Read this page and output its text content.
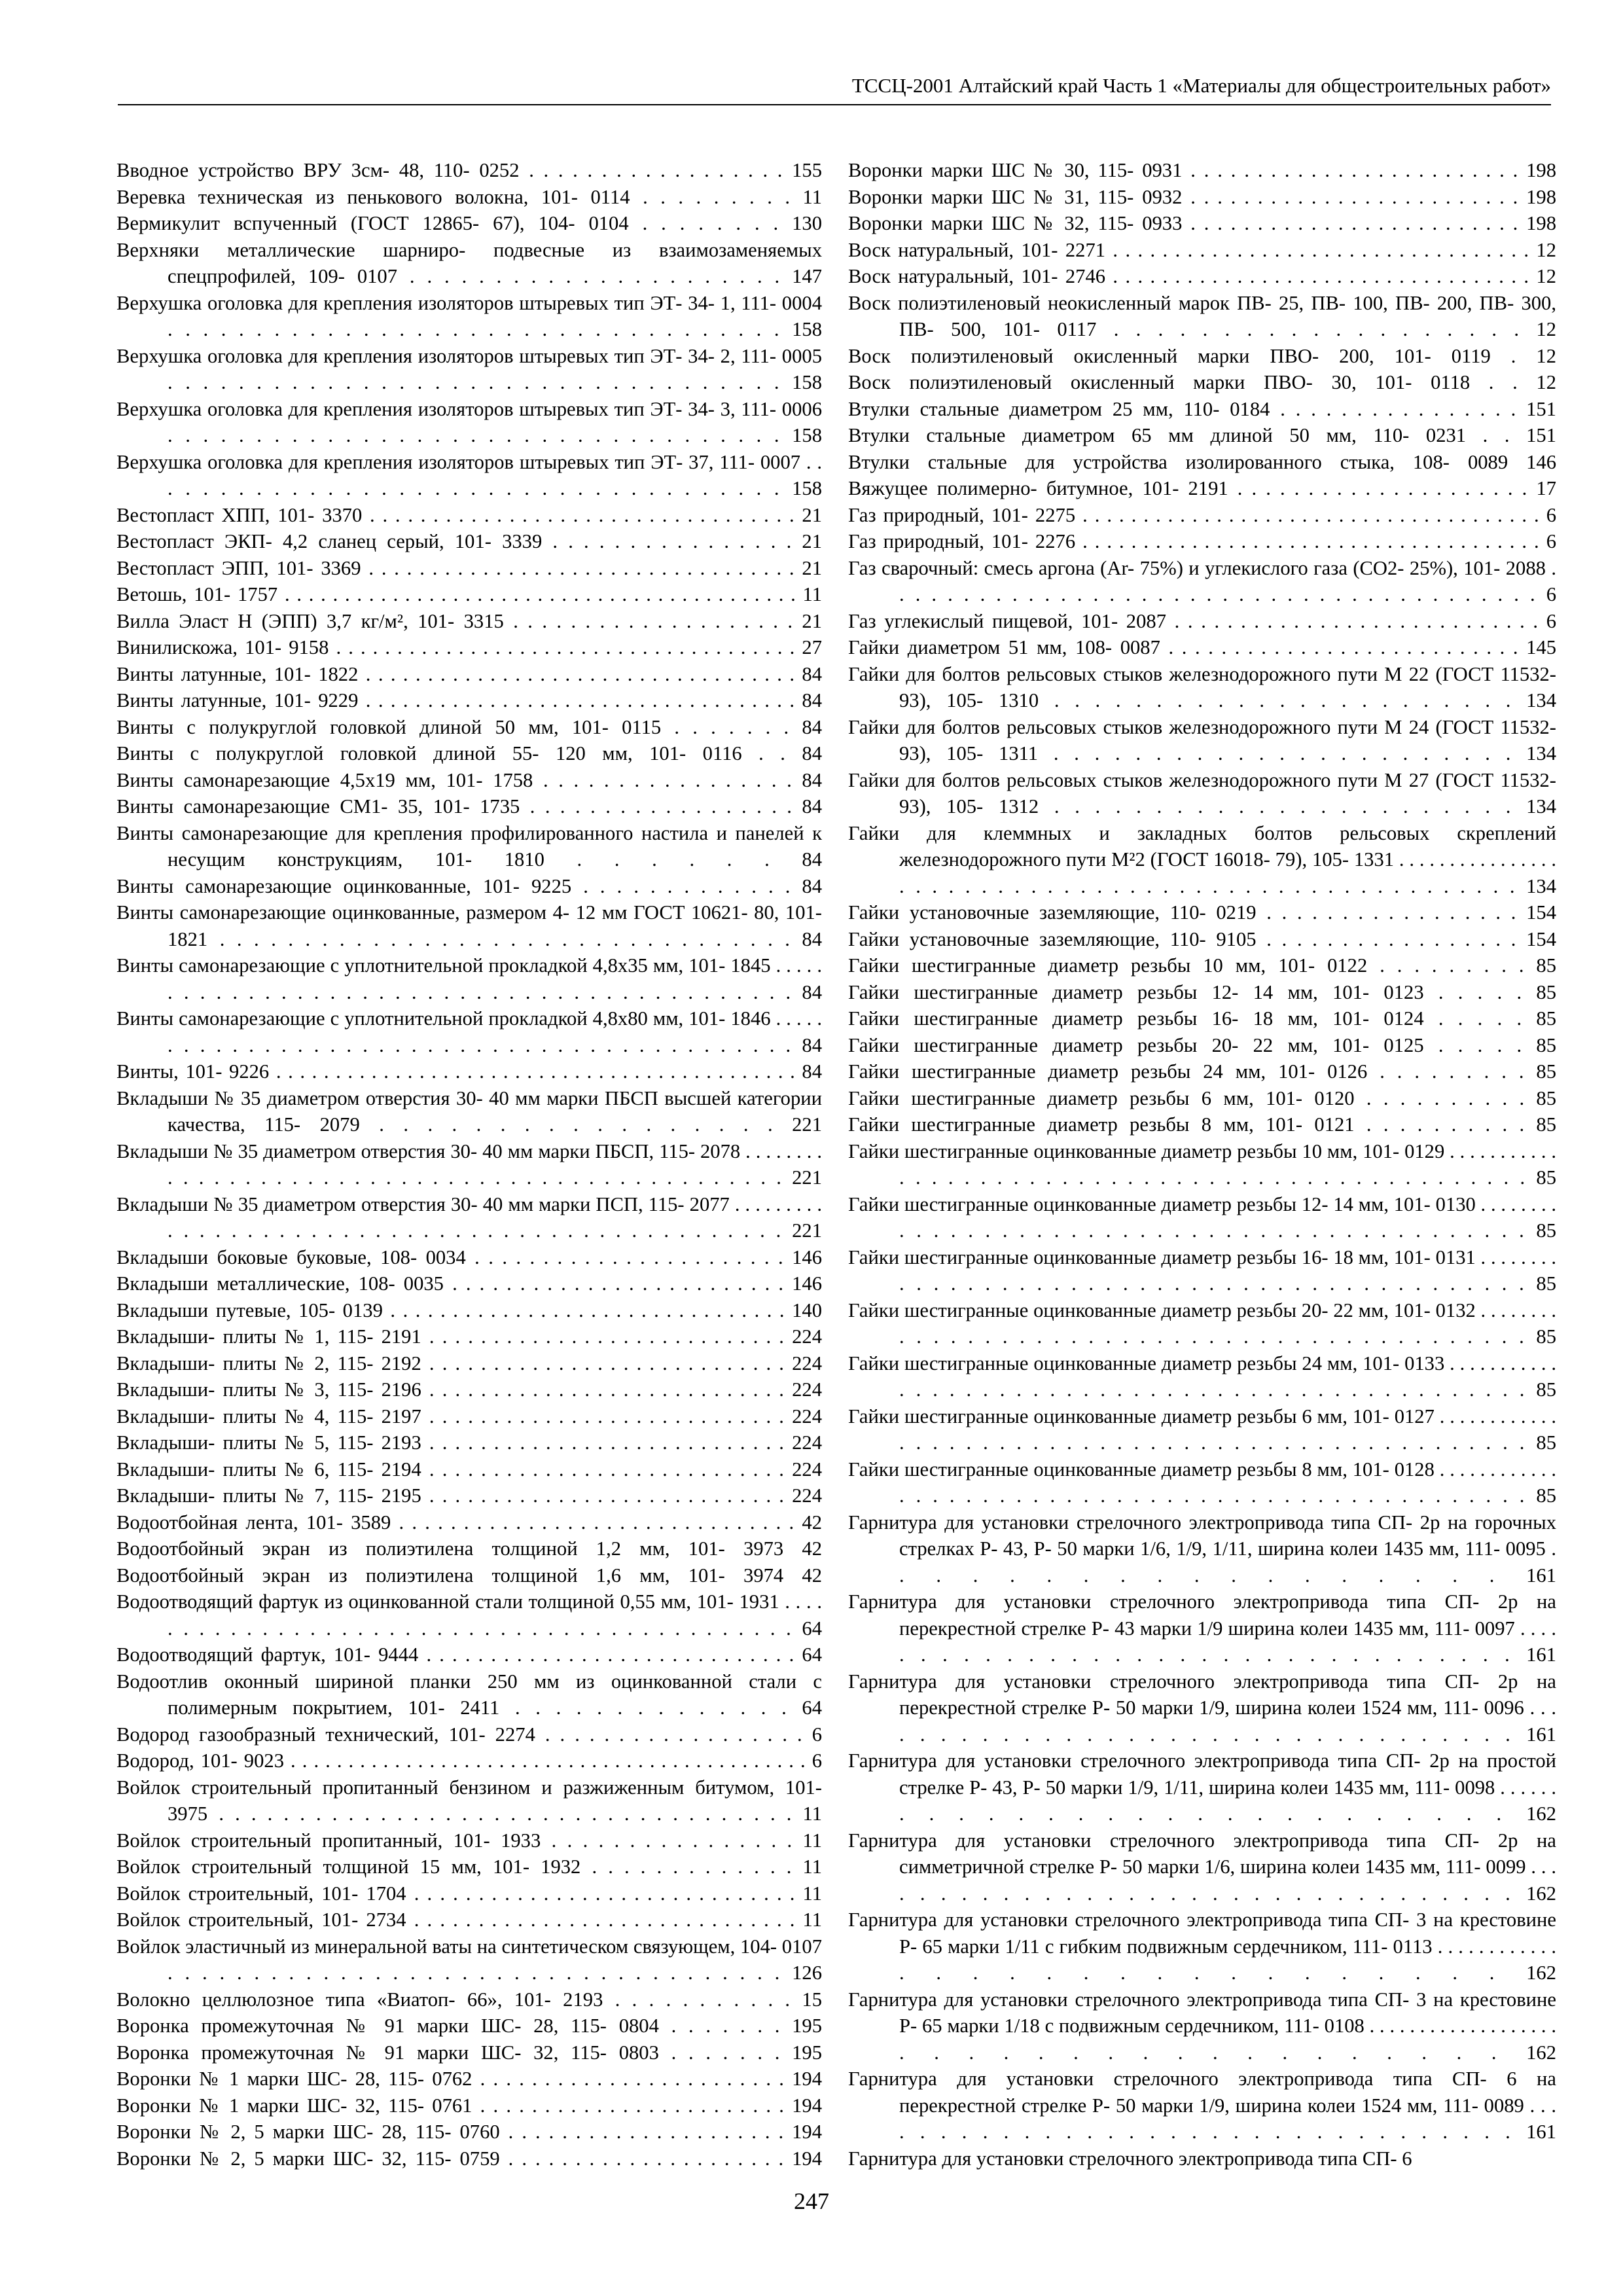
ТССЦ-2001 Алтайский край Часть 1 «Материалы для общестроительных работ»
Вводное устройство ВРУ 3см- 48, 110- 0252 . . . . . . . . . . . . . . . . . . 155
Веревка техническая из пенькового волокна, 101- 0114 . . . . . . . . . 11
Вермикулит вспученный (ГОСТ 12865- 67), 104- 0104 . . . . . . . . 130
Верхняки металлические шарниро- подвесные из взаимозаменяемых спецпрофилей, 109- 0107 . . . . . . . . . . . . . . . . . . . . . . 147
Верхушка оголовка для крепления изоляторов штыревых тип ЭТ- 34- 1, 111- 0004 . . . . . . . . . . . . . . . . . . . . . . . . . . . . . . . . . . . 158
Верхушка оголовка для крепления изоляторов штыревых тип ЭТ- 34- 2, 111- 0005 . . . . . . . . . . . . . . . . . . . . . . . . . . . . . . . . . . . 158
Верхушка оголовка для крепления изоляторов штыревых тип ЭТ- 34- 3, 111- 0006 . . . . . . . . . . . . . . . . . . . . . . . . . . . . . . . . . . . 158
Верхушка оголовка для крепления изоляторов штыревых тип ЭТ- 37, 111- 0007 . . . . . . . . . . . . . . . . . . . . . . . . . . . . . . . . . . . . . 158
Вестопласт ХПП, 101- 3370 . . . . . . . . . . . . . . . . . . . . . . . . . . . . . . . . . . 21
Вестопласт ЭКП- 4,2 сланец серый, 101- 3339 . . . . . . . . . . . . . . . . 21
Вестопласт ЭПП, 101- 3369 . . . . . . . . . . . . . . . . . . . . . . . . . . . . . . . . . . 21
Ветошь, 101- 1757 . . . . . . . . . . . . . . . . . . . . . . . . . . . . . . . . . . . . . . . . . . . 11
Вилла Эласт Н (ЭПП) 3,7 кг/м², 101- 3315 . . . . . . . . . . . . . . . . . . . . 21
Винилискожа, 101- 9158 . . . . . . . . . . . . . . . . . . . . . . . . . . . . . . . . . . . . . . 27
Винты латунные, 101- 1822 . . . . . . . . . . . . . . . . . . . . . . . . . . . . . . . . . . . 84
Винты латунные, 101- 9229 . . . . . . . . . . . . . . . . . . . . . . . . . . . . . . . . . . . 84
Винты с полукруглой головкой длиной 50 мм, 101- 0115 . . . . . . . 84
Винты с полукруглой головкой длиной 55- 120 мм, 101- 0116 . . 84
Винты самонарезающие 4,5х19 мм, 101- 1758 . . . . . . . . . . . . . . . . . 84
Винты самонарезающие СМ1- 35, 101- 1735 . . . . . . . . . . . . . . . . . . 84
Винты самонарезающие для крепления профилированного настила и панелей к несущим конструкциям, 101- 1810 . . . . . . 84
Винты самонарезающие оцинкованные, 101- 9225 . . . . . . . . . . . . . 84
Винты самонарезающие оцинкованные, размером 4- 12 мм ГОСТ 10621- 80, 101- 1821 . . . . . . . . . . . . . . . . . . . . . . . . . . . . . . . . . . 84
Винты самонарезающие с уплотнительной прокладкой 4,8х35 мм, 101- 1845 . . . . . . . . . . . . . . . . . . . . . . . . . . . . . . . . . . . . . . . . . . . . 84
Винты самонарезающие с уплотнительной прокладкой 4,8х80 мм, 101- 1846 . . . . . . . . . . . . . . . . . . . . . . . . . . . . . . . . . . . . . . . . . . . . 84
Винты, 101- 9226 . . . . . . . . . . . . . . . . . . . . . . . . . . . . . . . . . . . . . . . . . . . . 84
Вкладыши № 35 диаметром отверстия 30- 40 мм марки ПБСП высшей категории качества, 115- 2079 . . . . . . . . . . . . . . . . . 221
Вкладыши № 35 диаметром отверстия 30- 40 мм марки ПБСП, 115- 2078 . . . . . . . . . . . . . . . . . . . . . . . . . . . . . . . . . . . . . . . . . . . . . . . . 221
Вкладыши № 35 диаметром отверстия 30- 40 мм марки ПСП, 115- 2077 . . . . . . . . . . . . . . . . . . . . . . . . . . . . . . . . . . . . . . . . . . . . . . . . 221
Вкладыши боковые буковые, 108- 0034 . . . . . . . . . . . . . . . . . . . . . . . 146
Вкладыши металлические, 108- 0035 . . . . . . . . . . . . . . . . . . . . . . . . . 146
Вкладыши путевые, 105- 0139 . . . . . . . . . . . . . . . . . . . . . . . . . . . . . . . . 140
Вкладыши- плиты № 1, 115- 2191 . . . . . . . . . . . . . . . . . . . . . . . . . . . . 224
Вкладыши- плиты № 2, 115- 2192 . . . . . . . . . . . . . . . . . . . . . . . . . . . . 224
Вкладыши- плиты № 3, 115- 2196 . . . . . . . . . . . . . . . . . . . . . . . . . . . . 224
Вкладыши- плиты № 4, 115- 2197 . . . . . . . . . . . . . . . . . . . . . . . . . . . . 224
Вкладыши- плиты № 5, 115- 2193 . . . . . . . . . . . . . . . . . . . . . . . . . . . . 224
Вкладыши- плиты № 6, 115- 2194 . . . . . . . . . . . . . . . . . . . . . . . . . . . . 224
Вкладыши- плиты № 7, 115- 2195 . . . . . . . . . . . . . . . . . . . . . . . . . . . . 224
Водоотбойная лента, 101- 3589 . . . . . . . . . . . . . . . . . . . . . . . . . . . . . . . 42
Водоотбойный экран из полиэтилена толщиной 1,2 мм, 101- 3973 42
Водоотбойный экран из полиэтилена толщиной 1,6 мм, 101- 3974 42
Водоотводящий фартук из оцинкованной стали толщиной 0,55 мм, 101- 1931 . . . . . . . . . . . . . . . . . . . . . . . . . . . . . . . . . . . . . . . . . . . . 64
Водоотводящий фартук, 101- 9444 . . . . . . . . . . . . . . . . . . . . . . . . . . . . . 64
Водоотлив оконный шириной планки 250 мм из оцинкованной стали с полимерным покрытием, 101- 2411 . . . . . . . . . . . . . . 64
Водород газообразный технический, 101- 2274 . . . . . . . . . . . . . . . . . . 6
Водород, 101- 9023 . . . . . . . . . . . . . . . . . . . . . . . . . . . . . . . . . . . . . . . . . . . . . 6
Войлок строительный пропитанный бензином и разжиженным битумом, 101- 3975 . . . . . . . . . . . . . . . . . . . . . . . . . . . . . . . . . . . . 11
Войлок строительный пропитанный, 101- 1933 . . . . . . . . . . . . . . . . 11
Войлок строительный толщиной 15 мм, 101- 1932 . . . . . . . . . . . . . 11
Войлок строительный, 101- 1704 . . . . . . . . . . . . . . . . . . . . . . . . . . . . . . 11
Войлок строительный, 101- 2734 . . . . . . . . . . . . . . . . . . . . . . . . . . . . . . 11
Войлок эластичный из минеральной ваты на синтетическом связующем, 104- 0107 . . . . . . . . . . . . . . . . . . . . . . . . . . . . . . . . . . . . 126
Волокно целлюлозное типа «Виатоп- 66», 101- 2193 . . . . . . . . . . . 15
Воронка промежуточная № 91 марки ШС- 28, 115- 0804 . . . . . . . 195
Воронка промежуточная № 91 марки ШС- 32, 115- 0803 . . . . . . . 195
Воронки № 1 марки ШС- 28, 115- 0762 . . . . . . . . . . . . . . . . . . . . . . . . 194
Воронки № 1 марки ШС- 32, 115- 0761 . . . . . . . . . . . . . . . . . . . . . . . . 194
Воронки № 2, 5 марки ШС- 28, 115- 0760 . . . . . . . . . . . . . . . . . . . . . 194
Воронки № 2, 5 марки ШС- 32, 115- 0759 . . . . . . . . . . . . . . . . . . . . . 194
Воронки марки ШС № 30, 115- 0931 . . . . . . . . . . . . . . . . . . . . . . . . . 198
Воронки марки ШС № 31, 115- 0932 . . . . . . . . . . . . . . . . . . . . . . . . . 198
Воронки марки ШС № 32, 115- 0933 . . . . . . . . . . . . . . . . . . . . . . . . . 198
Воск натуральный, 101- 2271 . . . . . . . . . . . . . . . . . . . . . . . . . . . . . . . . . . 12
Воск натуральный, 101- 2746 . . . . . . . . . . . . . . . . . . . . . . . . . . . . . . . . . . 12
Воск полиэтиленовый неокисленный марок ПВ- 25, ПВ- 100, ПВ- 200, ПВ- 300, ПВ- 500, 101- 0117 . . . . . . . . . . . . . . . . . . . 12
Воск полиэтиленовый окисленный марки ПВО- 200, 101- 0119 . 12
Воск полиэтиленовый окисленный марки ПВО- 30, 101- 0118 . . 12
Втулки стальные диаметром 25 мм, 110- 0184 . . . . . . . . . . . . . . . . 151
Втулки стальные диаметром 65 мм длиной 50 мм, 110- 0231 . . 151
Втулки стальные для устройства изолированного стыка, 108- 0089 146
Вяжущее полимерно- битумное, 101- 2191 . . . . . . . . . . . . . . . . . . . . . 17
Газ природный, 101- 2275 . . . . . . . . . . . . . . . . . . . . . . . . . . . . . . . . . . . . . . 6
Газ природный, 101- 2276 . . . . . . . . . . . . . . . . . . . . . . . . . . . . . . . . . . . . . . 6
Газ сварочный: смесь аргона (Ar- 75%) и углекислого газа (CO2- 25%), 101- 2088 . . . . . . . . . . . . . . . . . . . . . . . . . . . . . . . . . . . . . . . . . 6
Газ углекислый пищевой, 101- 2087 . . . . . . . . . . . . . . . . . . . . . . . . . . . . 6
Гайки диаметром 51 мм, 108- 0087 . . . . . . . . . . . . . . . . . . . . . . . . . . . 145
Гайки для болтов рельсовых стыков железнодорожного пути М 22 (ГОСТ 11532- 93), 105- 1310 . . . . . . . . . . . . . . . . . . . . . . . 134
Гайки для болтов рельсовых стыков железнодорожного пути М 24 (ГОСТ 11532- 93), 105- 1311 . . . . . . . . . . . . . . . . . . . . . . . 134
Гайки для болтов рельсовых стыков железнодорожного пути М 27 (ГОСТ 11532- 93), 105- 1312 . . . . . . . . . . . . . . . . . . . . . . . 134
Гайки для клеммных и закладных болтов рельсовых скреплений железнодорожного пути М²2 (ГОСТ 16018- 79), 105- 1331 . . . . . . . . . . . . . . . . . . . . . . . . . . . . . . . . . . . . . . . . . . . . . . . . . . . . . . 134
Гайки установочные заземляющие, 110- 0219 . . . . . . . . . . . . . . . . . 154
Гайки установочные заземляющие, 110- 9105 . . . . . . . . . . . . . . . . . 154
Гайки шестигранные диаметр резьбы 10 мм, 101- 0122 . . . . . . . . . 85
Гайки шестигранные диаметр резьбы 12- 14 мм, 101- 0123 . . . . . 85
Гайки шестигранные диаметр резьбы 16- 18 мм, 101- 0124 . . . . . 85
Гайки шестигранные диаметр резьбы 20- 22 мм, 101- 0125 . . . . . 85
Гайки шестигранные диаметр резьбы 24 мм, 101- 0126 . . . . . . . . . 85
Гайки шестигранные диаметр резьбы 6 мм, 101- 0120 . . . . . . . . . . 85
Гайки шестигранные диаметр резьбы 8 мм, 101- 0121 . . . . . . . . . . 85
Гайки шестигранные оцинкованные диаметр резьбы 10 мм, 101- 0129 . . . . . . . . . . . . . . . . . . . . . . . . . . . . . . . . . . . . . . . . . . . . . . . . . . 85
Гайки шестигранные оцинкованные диаметр резьбы 12- 14 мм, 101- 0130 . . . . . . . . . . . . . . . . . . . . . . . . . . . . . . . . . . . . . . . . . . . . . 85
Гайки шестигранные оцинкованные диаметр резьбы 16- 18 мм, 101- 0131 . . . . . . . . . . . . . . . . . . . . . . . . . . . . . . . . . . . . . . . . . . . . . 85
Гайки шестигранные оцинкованные диаметр резьбы 20- 22 мм, 101- 0132 . . . . . . . . . . . . . . . . . . . . . . . . . . . . . . . . . . . . . . . . . . . . . 85
Гайки шестигранные оцинкованные диаметр резьбы 24 мм, 101- 0133 . . . . . . . . . . . . . . . . . . . . . . . . . . . . . . . . . . . . . . . . . . . . . . . . . 85
Гайки шестигранные оцинкованные диаметр резьбы 6 мм, 101- 0127 . . . . . . . . . . . . . . . . . . . . . . . . . . . . . . . . . . . . . . . . . . . . . . . . . . 85
Гайки шестигранные оцинкованные диаметр резьбы 8 мм, 101- 0128 . . . . . . . . . . . . . . . . . . . . . . . . . . . . . . . . . . . . . . . . . . . . . . . . . . 85
Гарнитура для установки стрелочного электропривода типа СП- 2р на горочных стрелках Р- 43, Р- 50 марки 1/6, 1/9, 1/11, ширина колеи 1435 мм, 111- 0095 . . . . . . . . . . . . . . . . . . 161
Гарнитура для установки стрелочного электропривода типа СП- 2р на перекрестной стрелке Р- 43 марки 1/9 ширина колеи 1435 мм, 111- 0097 . . . . . . . . . . . . . . . . . . . . . . . . . . . . . . . . . 161
Гарнитура для установки стрелочного электропривода типа СП- 2р на перекрестной стрелке Р- 50 марки 1/9, ширина колеи 1524 мм, 111- 0096 . . . . . . . . . . . . . . . . . . . . . . . . . . . . . . . . . 161
Гарнитура для установки стрелочного электропривода типа СП- 2р на простой стрелке Р- 43, Р- 50 марки 1/9, 1/11, ширина колеи 1435 мм, 111- 0098 . . . . . . . . . . . . . . . . . . . . . . . . . . . 162
Гарнитура для установки стрелочного электропривода типа СП- 2р на симметричной стрелке Р- 50 марки 1/6, ширина колеи 1435 мм, 111- 0099 . . . . . . . . . . . . . . . . . . . . . . . . . . . . . . . . . 162
Гарнитура для установки стрелочного электропривода типа СП- 3 на крестовине Р- 65 марки 1/11 с гибким подвижным сердечником, 111- 0113 . . . . . . . . . . . . . . . . . . . . . . . . . . . . . 162
Гарнитура для установки стрелочного электропривода типа СП- 3 на крестовине Р- 65 марки 1/18 с подвижным сердечником, 111- 0108 . . . . . . . . . . . . . . . . . . . . . . . . . . . . . . . . . . . . . 162
Гарнитура для установки стрелочного электропривода типа СП- 6 на перекрестной стрелке Р- 50 марки 1/9, ширина колеи 1524 мм, 111- 0089 . . . . . . . . . . . . . . . . . . . . . . . . . . . . . . . . . 161
Гарнитура для установки стрелочного электропривода типа СП- 6
247
